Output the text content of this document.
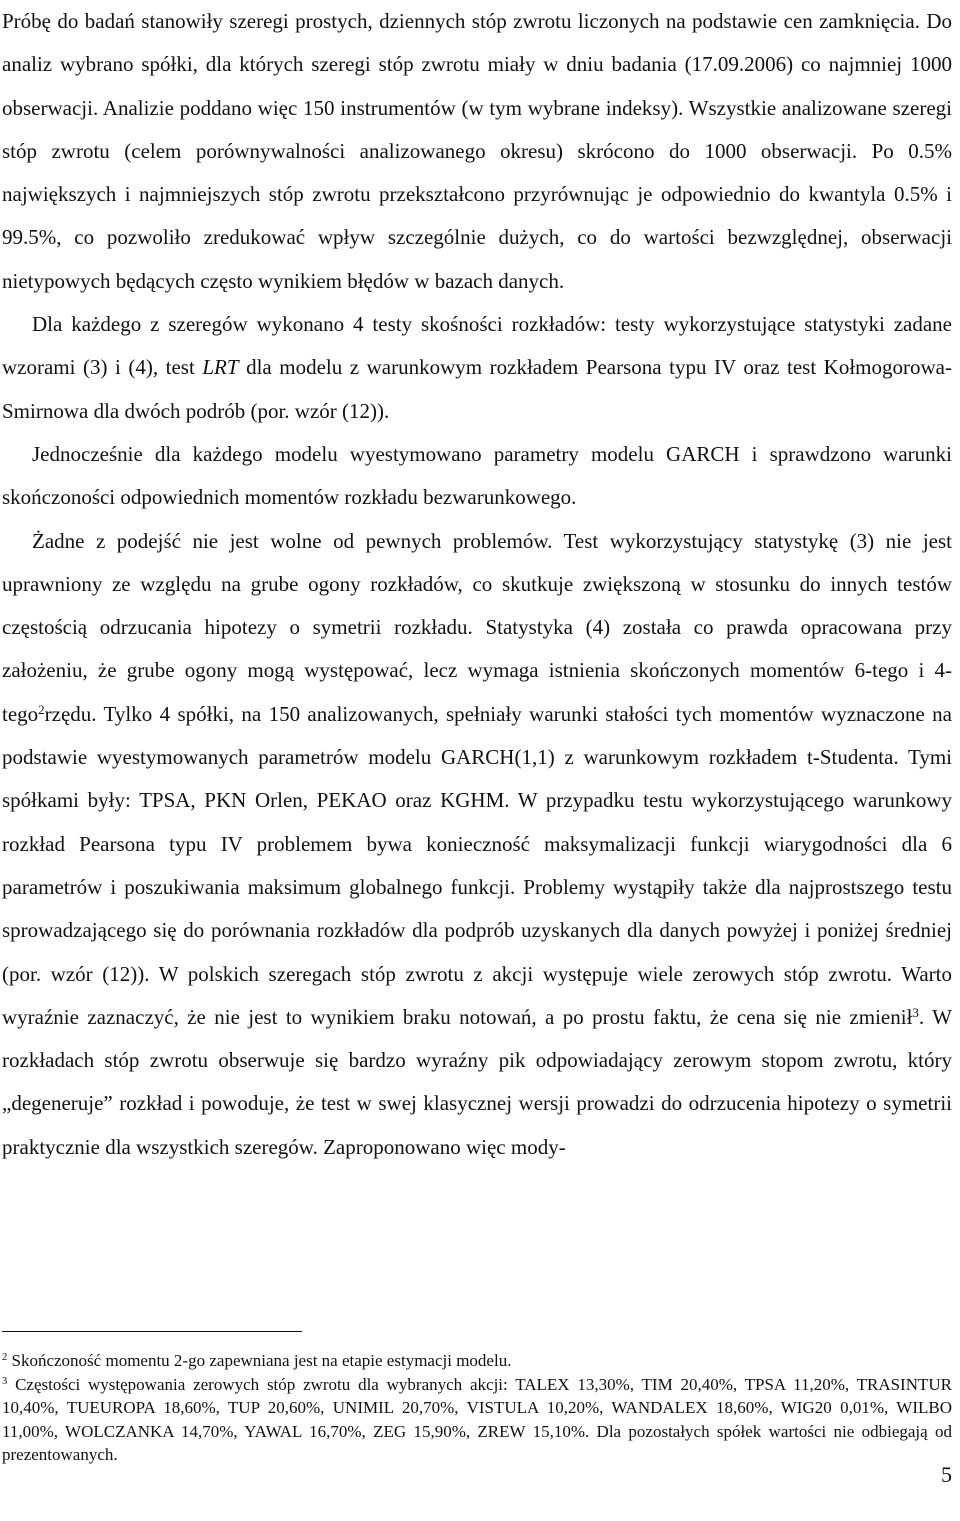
Próbę do badań stanowiły szeregi prostych, dziennych stóp zwrotu liczonych na podstawie cen zamknięcia. Do analiz wybrano spółki, dla których szeregi stóp zwrotu miały w dniu badania (17.09.2006) co najmniej 1000 obserwacji. Analizie poddano więc 150 instrumentów (w tym wybrane indeksy). Wszystkie analizowane szeregi stóp zwrotu (celem porównywalności analizowanego okresu) skrócono do 1000 obserwacji. Po 0.5% największych i najmniejszych stóp zwrotu przekształcono przyrównując je odpowiednio do kwantyla 0.5% i 99.5%, co pozwoliło zredukować wpływ szczególnie dużych, co do wartości bezwzględnej, obserwacji nietypowych będących często wynikiem błędów w bazach danych.

Dla każdego z szeregów wykonano 4 testy skośności rozkładów: testy wykorzystujące statystyki zadane wzorami (3) i (4), test LRT dla modelu z warunkowym rozkładem Pearsona typu IV oraz test Kołmogorowa-Smirnowa dla dwóch podrób (por. wzór (12)).

Jednocześnie dla każdego modelu wyestymowano parametry modelu GARCH i sprawdzono warunki skończoności odpowiednich momentów rozkładu bezwarunkowego.

Żadne z podejść nie jest wolne od pewnych problemów. Test wykorzystujący statystykę (3) nie jest uprawniony ze względu na grube ogony rozkładów, co skutkuje zwiększoną w stosunku do innych testów częstością odrzucania hipotezy o symetrii rozkładu. Statystyka (4) została co prawda opracowana przy założeniu, że grube ogony mogą występować, lecz wymaga istnienia skończonych momentów 6-tego i 4-tego$^2$rzędu. Tylko 4 spółki, na 150 analizowanych, spełniały warunki stałości tych momentów wyznaczone na podstawie wyestymowanych parametrów modelu GARCH(1,1) z warunkowym rozkładem t-Studenta. Tymi spółkami były: TPSA, PKN Orlen, PEKAO oraz KGHM. W przypadku testu wykorzystującego warunkowy rozkład Pearsona typu IV problemem bywa konieczność maksymalizacji funkcji wiarygodności dla 6 parametrów i poszukiwania maksimum globalnego funkcji. Problemy wystąpiły także dla najprostszego testu sprowadzającego się do porównania rozkładów dla podprób uzyskanych dla danych powyżej i poniżej średniej (por. wzór (12)). W polskich szeregach stóp zwrotu z akcji występuje wiele zerowych stóp zwrotu. Warto wyraźnie zaznaczyć, że nie jest to wynikiem braku notowań, a po prostu faktu, że cena się nie zmienił$^3$. W rozkładach stóp zwrotu obserwuje się bardzo wyraźny pik odpowiadający zerowym stopom zwrotu, który „degeneruje” rozkład i powoduje, że test w swej klasycznej wersji prowadzi do odrzucenia hipotezy o symetrii praktycznie dla wszystkich szeregów. Zaproponowano więc mody-

$^2$ Skończoność momentu 2-go zapewniana jest na etapie estymacji modelu.

$^3$ Częstości występowania zerowych stóp zwrotu dla wybranych akcji: TALEX 13,30%, TIM 20,40%, TPSA 11,20%, TRASINTUR 10,40%, TUEUROPA 18,60%, TUP 20,60%, UNIMIL 20,70%, VISTULA 10,20%, WANDALEX 18,60%, WIG20 0,01%, WILBO 11,00%, WOLCZANKA 14,70%, YAWAL 16,70%, ZEG 15,90%, ZREW 15,10%. Dla pozostałych spółek wartości nie odbiegają od prezentowanych.

5
